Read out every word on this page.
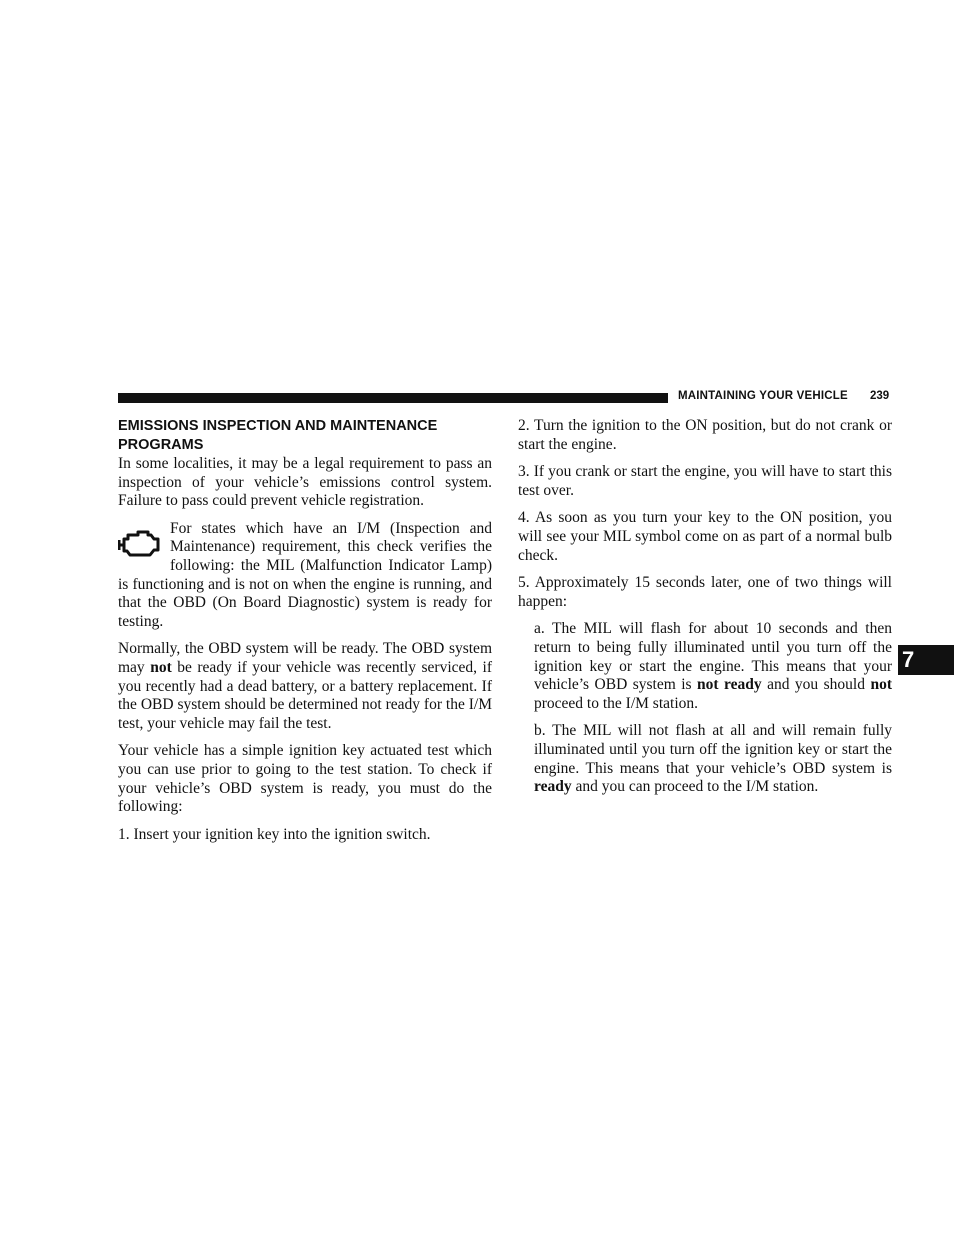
MAINTAINING YOUR VEHICLE 239
EMISSIONS INSPECTION AND MAINTENANCE PROGRAMS

In some localities, it may be a legal requirement to pass an inspection of your vehicle’s emissions control system. Failure to pass could prevent vehicle registration.

For states which have an I/M (Inspection and Maintenance) requirement, this check verifies the following: the MIL (Malfunction Indicator Lamp) is functioning and is not on when the engine is running, and that the OBD (On Board Diagnostic) system is ready for testing.

Normally, the OBD system will be ready. The OBD system may not be ready if your vehicle was recently serviced, if you recently had a dead battery, or a battery replacement. If the OBD system should be determined not ready for the I/M test, your vehicle may fail the test.

Your vehicle has a simple ignition key actuated test which you can use prior to going to the test station. To check if your vehicle’s OBD system is ready, you must do the following:

1. Insert your ignition key into the ignition switch.

2. Turn the ignition to the ON position, but do not crank or start the engine.

3. If you crank or start the engine, you will have to start this test over.

4. As soon as you turn your key to the ON position, you will see your MIL symbol come on as part of a normal bulb check.

5. Approximately 15 seconds later, one of two things will happen:

a. The MIL will flash for about 10 seconds and then return to being fully illuminated until you turn off the ignition key or start the engine. This means that your vehicle’s OBD system is not ready and you should not proceed to the I/M station.

b. The MIL will not flash at all and will remain fully illuminated until you turn off the ignition key or start the engine. This means that your vehicle’s OBD system is ready and you can proceed to the I/M station.

7
